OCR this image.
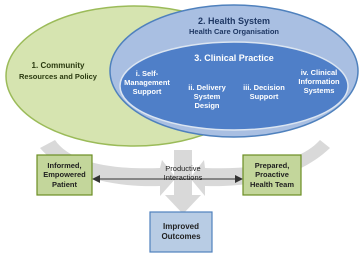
1. Community
Resources and Policy
2. Health System
Health Care Organisation
3. Clinical Practice
i. Self-
Management
Support	ii. Delivery
System
Design
iii. Decision
Support
iv. Clinical
Information
Systems
Informed,
Empowered
Patient
Prepared,
Proactive
Health Team
Productive
Interactions
Improved
Outcomes
